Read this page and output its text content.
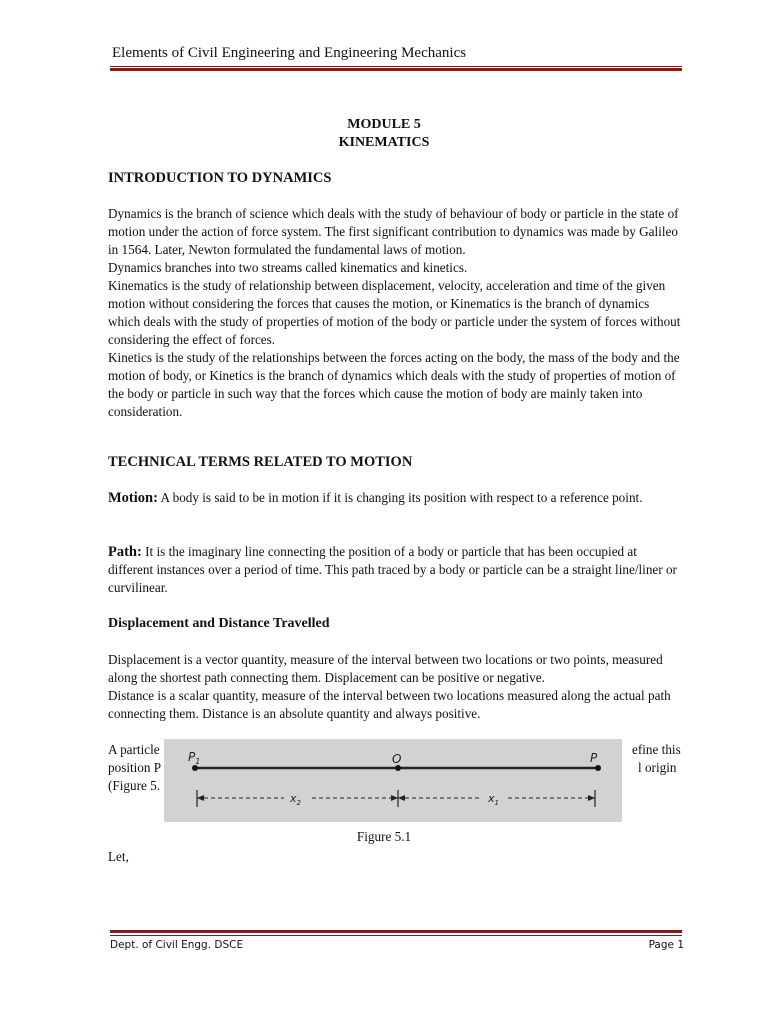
Elements of Civil Engineering and Engineering Mechanics
MODULE 5
KINEMATICS
INTRODUCTION TO DYNAMICS

Dynamics is the branch of science which deals with the study of behaviour of body or particle in the state of motion under the action of force system. The first significant contribution to dynamics was made by Galileo in 1564. Later, Newton formulated the fundamental laws of motion.

Dynamics branches into two streams called kinematics and kinetics.

Kinematics is the study of relationship between displacement, velocity, acceleration and time of the given motion without considering the forces that causes the motion, or Kinematics is the branch of dynamics which deals with the study of properties of motion of the body or particle under the system of forces without considering the effect of forces.

Kinetics is the study of the relationships between the forces acting on the body, the mass of the body and the motion of body, or Kinetics is the branch of dynamics which deals with the study of properties of motion of the body or particle in such way that the forces which cause the motion of body are mainly taken into consideration.

TECHNICAL TERMS RELATED TO MOTION
Motion: A body is said to be in motion if it is changing its position with respect to a reference point.
Path: It is the imaginary line connecting the position of a body or particle that has been occupied at different instances over a period of time. This path traced by a body or particle can be a straight line/liner or curvilinear.
Displacement and Distance Travelled

Displacement is a vector quantity, measure of the interval between two locations or two points, measured along the shortest path connecting them. Displacement can be positive or negative.

Distance is a scalar quantity, measure of the interval between two locations measured along the actual path connecting them. Distance is an absolute quantity and always positive.

A particle	efine this
position P	l origin
(Figure 5.
$P_1$	O	P
$x_2$	$x_1$
Figure 5.1
Let,
Dept. of Civil Engg. DSCE	Page 1
